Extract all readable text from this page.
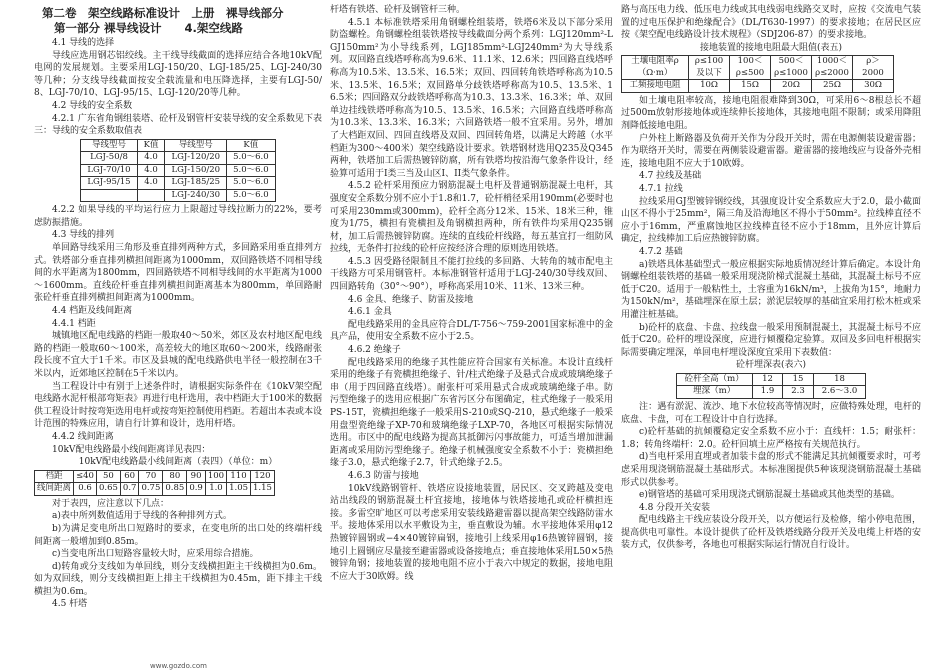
第二卷　架空线路标准设计　上册　裸导线部分
第一部分 裸导线设计　　4.架空线路

4.1 导线的选择

导线应选用钢芯铝绞线。主干线导线截面的选择应结合各地10kV配电网的发展规划。主要采用LGJ-150/20、LGJ-185/25、LGJ-240/30等几种；分支线导线截面按安全载流量和电压降选择，主要有LGJ-50/8、LGJ-70/10、LGJ-95/15、LGJ-120/20等几种。

4.2 导线的安全系数

4.2.1 广东省角钢组装塔、砼杆及钢管杆安装导线的安全系数见下表三：导线的安全系数取值表

导线型号	K值	导线型号	K值
LGJ-50/8	4.0	LGJ-120/20	5.0～6.0
LGJ-70/10	4.0	LGJ-150/20	5.0～6.0
LGJ-95/15	4.0	LGJ-185/25	5.0～6.0
		LGJ-240/30	5.0～6.0

4.2.2 如果导线的平均运行应力上限超过导线拉断力的22%，要考虑防振措施。

4.3 导线的排列

单回路导线采用三角形及垂直排列两种方式，多回路采用垂直排列方式。铁塔部分垂直排列横担间距离为1000mm，双回路铁塔不同相导线间的水平距离为1800mm，四回路铁塔不同相导线间的水平距离为1000～1600mm。直线砼杆垂直排列横担间距离基本为800mm，单回路耐张砼杆垂直排列横担间距离为1000mm。

4.4 档距及线间距离

4.4.1 档距

城镇地区配电线路的档距一般取40～50米，郊区及农村地区配电线路的档距一般取60～100米，高差较大的地区取60～200米，线路耐张段长度不宜大于1千米。市区及县城的配电线路供电半径一般控制在3千米以内，近郊地区控制在5千米以内。

当工程设计中有别于上述条件时，请根据实际条件在《10kV架空配电线路水泥杆根部弯矩表》再进行电杆选用，表中档距大于100米的数据供工程设计时按弯矩选用电杆或按弯矩控制使用档距。若超出本表或本设计范围的特殊应用，请自行计算和设计，选用杆塔。

4.4.2 线间距离

10kV配电线路最小线间距离详见表四：

10kV配电线路最小线间距离（表四）（单位：m）

档距	≤40	50	60	70	80	90	100	110	120
线间距离	0.6	0.65	0.7	0.75	0.85	0.9	1.0	1.05	1.15

对于表四，应注意以下几点：

a)表中所列数值适用于导线的各种排列方式。

b)为满足变电所出口短路时的要求，在变电所的出口处的终端杆线间距离一般增加到0.85m。

c)当变电所出口短路容量较大时，应采用综合措施。

d)转角或分支线如为单回线，则分支线横担距主干线横担为0.6m。如为双回线，则分支线横担距上排主干线横担为0.45m，距下排主干线横担为0.6m。

4.5 杆塔

杆塔有铁塔、砼杆及钢管杆三种。

4.5.1 本标准铁塔采用角钢螺栓组装塔，铁塔6米及以下部分采用防盗螺栓。角钢螺栓组装铁塔按导线截面分两个系列：LGJ120mm²-LGJ150mm²为小导线系列，LGJ185mm²-LGJ240mm²为大导线系列。双回路直线塔呼称高为9.6米、11.1米、12.6米；四回路直线塔呼称高为10.5米、13.5米、16.5米；双回、四回转角铁塔呼称高为10.5米、13.5米、16.5米；双回路单分歧铁塔呼称高为10.5、13.5米、16.5米；四回路双分歧铁塔呼称高为10.3、13.3米、16.3米；单、双回单边挂线铁塔呼称高为10.5、13.5米、16.5米；六回路直线塔呼称高为10.3米、13.3米、16.3米；六回路铁塔一般不宜采用。另外，增加了大档距双回、四回直线塔及双回、四回转角塔，以满足大跨越（水平档距为300～400米）架空线路设计要求。铁塔钢材选用Q235及Q345两种，铁塔加工后需热镀锌防腐，所有铁塔均按沿海气象条件设计，经验算可适用于I类三当及山区I、II类气象条件。

4.5.2 砼杆采用预应力钢筋混凝土电杆及普通钢筋混凝土电杆，其强度安全系数分别不应小于1.8和1.7，砼杆梢径采用190mm(必要时也可采用230mm或300mm)，砼杆全高分12米、15米、18米三种，锥度为1/75，横担有瓷横担及角钢横担两种，所有铁件均采用Q235钢材，加工后需热镀锌防腐。连续的直线砼杆线路，每五基宜打一组防风拉线，无条件打拉线的砼杆应按经济合理的原则选用铁塔。

4.5.3 因受路径限制且不能打拉线的多回路、大转角的城市配电主干线路方可采用钢管杆。本标准钢管杆适用于LGJ-240/30导线双回、四回路转角（30°～90°），呼称高采用10米、11米、13米三种。

4.6 金具、绝缘子、防雷及接地

4.6.1 金具

配电线路采用的金具应符合DL/T-756～759-2001国家标准中的金具产品，使用安全系数不应小于2.5。

4.6.2 绝缘子

配电线路采用的绝缘子其性能应符合国家有关标准。本设计直线杆采用的绝缘子有瓷横担绝缘子、针/柱式绝缘子及悬式合成或玻璃绝缘子串（用于四回路直线塔）。耐张杆可采用悬式合成或玻璃绝缘子串。防污型绝缘子的选用应根据广东省污区分布图确定，柱式绝缘子一般采用PS-15T，瓷横担绝缘子一般采用S-210或SQ-210，悬式绝缘子一般采用盘型瓷绝缘子XP-70和玻璃绝缘子LXP-70，各地区可根据实际情况选用。市区中的配电线路为提高其抵御污闪事故能力，可适当增加泄漏距离或采用防污型绝缘子。绝缘子机械强度安全系数不小于：瓷横担绝缘子3.0，悬式绝缘子2.7，针式绝缘子2.5。

4.6.3 防雷与接地

10kV线路钢管杆、铁塔应设接地装置，居民区、交叉跨越及变电站出线段的钢筋混凝土杆宜接地，接地体与铁塔接地孔或砼杆横担连接。多雷空旷地区可以考虑采用安装线路避雷器以提高架空线路防雷水平。接地体采用以水平敷设为主，垂直敷设为辅。水平接地体采用φ12热镀锌圆钢或−4×40镀锌扁钢，接地引上线采用φ16热镀锌圆钢，接地引上圆钢应尽量接至避雷器或设备接地点；垂直接地体采用L50×5热镀锌角钢；接地装置的接地电阻不应小于表六中规定的数据，接地电阻不应大于30欧姆。线

路与高压电力线、低压电力线或其电线弱电线路交叉时，应按《交流电气装置的过电压保护和绝缘配合》（DL/T630-1997）的要求接地；在居民区应按《架空配电线路设计技术规程》（SDJ206-87）的要求接地。

接地装置的接地电阻最大阻值(表五)

土壤电阻率ρ（Ω·m）	ρ≤100及以下	100＜ρ≤500	500＜ρ≤1000	1000＜ρ≤2000	ρ＞2000
工频接地电阻	10Ω	15Ω	20Ω	25Ω	30Ω

如土壤电阻率较高，接地电阻很难降到30Ω，可采用6～8根总长不超过500m放射形接地体或连续伸长接地体，其接地电阻不限制；或采用降阻剂降低接地电阻。

户外柱上断路器及负荷开关作为分段开关时，需在电源侧装设避雷器；作为联络开关时，需要在两侧装设避雷器。避雷器的接地线应与设备外壳相连，接地电阻不应大于10欧姆。

4.7 拉线及基础

4.7.1 拉线

拉线采用GJ型镀锌钢绞线，其强度设计安全系数应大于2.0，最小截面山区不得小于25mm²，隔三角及沿海地区不得小于50mm²。拉线棒直径不应小于16mm，严重腐蚀地区拉线棒直径不应小于18mm，且外应计算后确定，拉线棒加工后应热镀锌防腐。

4.7.2 基础

a)铁塔具体基础型式一般应根据实际地质情况经计算后确定。本设计角钢螺栓组装铁塔的基础一般采用现浇阶梯式混凝土基础，其混凝土标号不应低于C20。适用于一般粘性土，土容重为16kN/m³，上拔角为15°，地耐力为150kN/m²，基础埋深在原土层；淤泥层较厚的基础宜采用打松木桩或采用灌注桩基础。

b)砼杆的底盘、卡盘、拉线盘一般采用预制混凝土，其混凝土标号不应低于C20。砼杆的埋设深度，应进行倾覆稳定验算。双回及多回电杆根据实际需要确定埋深，单回电杆埋设深度宜采用下表数值：

砼杆埋深表(表六)

砼杆全高（m）	12	15	18
埋深（m）	1.9	2.3	2.6～3.0

注：遇有淤泥、流沙、地下水位较高等情况时，应做特殊处理，电杆的底盘、卡盘，可在工程设计中自行选择。

c)砼杆基础的抗倾覆稳定安全系数不应小于：直线杆：1.5；耐张杆：1.8；转角终端杆：2.0。砼杆回填土应严格按有关规范执行。

d)当电杆采用直埋或者加装卡盘的形式不能满足其抗倾覆要求时，可考虑采用现浇钢筋混凝土基础形式。本标准图提供5种该现浇钢筋混凝土基础形式以供参考。

e)钢管塔的基础可采用现浇式钢筋混凝土基础或其他类型的基础。

4.8 分段开关安装

配电线路主干线应装设分段开关，以方便运行及检修，缩小停电范围，提高供电可靠性。本设计提供了砼杆及铁塔线路分段开关及电缆上杆塔的安装方式，仅供参考，各地也可根据实际运行情况自行设计。

www.gozdo.com
